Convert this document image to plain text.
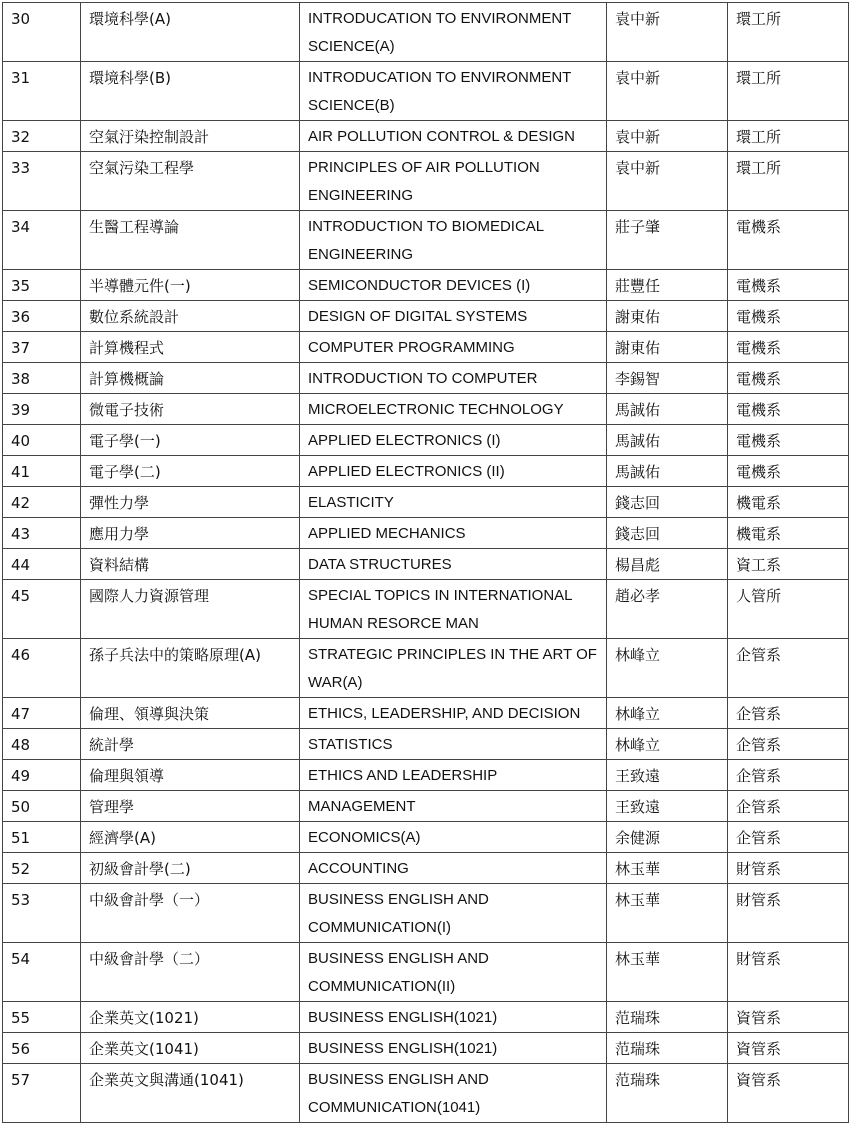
30	環境科學(A)	INTRODUCATION TO ENVIRONMENT SCIENCE(A)	袁中新	環工所
31	環境科學(B)	INTRODUCATION TO ENVIRONMENT SCIENCE(B)	袁中新	環工所
32	空氣汙染控制設計	AIR POLLUTION CONTROL & DESIGN	袁中新	環工所
33	空氣污染工程學	PRINCIPLES OF AIR POLLUTION ENGINEERING	袁中新	環工所
34	生醫工程導論	INTRODUCTION TO BIOMEDICAL ENGINEERING	莊子肇	電機系
35	半導體元件(一)	SEMICONDUCTOR DEVICES (I)	莊豐任	電機系
36	數位系統設計	DESIGN OF DIGITAL SYSTEMS	謝東佑	電機系
37	計算機程式	COMPUTER PROGRAMMING	謝東佑	電機系
38	計算機概論	INTRODUCTION TO COMPUTER	李錫智	電機系
39	微電子技術	MICROELECTRONIC TECHNOLOGY	馬誠佑	電機系
40	電子學(一)	APPLIED ELECTRONICS (I)	馬誠佑	電機系
41	電子學(二)	APPLIED ELECTRONICS (II)	馬誠佑	電機系
42	彈性力學	ELASTICITY	錢志回	機電系
43	應用力學	APPLIED MECHANICS	錢志回	機電系
44	資料結構	DATA STRUCTURES	楊昌彪	資工系
45	國際人力資源管理	SPECIAL TOPICS IN INTERNATIONAL HUMAN RESORCE MAN	趙必孝	人管所
46	孫子兵法中的策略原理(A)	STRATEGIC PRINCIPLES IN THE ART OF WAR(A)	林峰立	企管系
47	倫理、領導與決策	ETHICS, LEADERSHIP, AND DECISION	林峰立	企管系
48	統計學	STATISTICS	林峰立	企管系
49	倫理與領導	ETHICS AND LEADERSHIP	王致遠	企管系
50	管理學	MANAGEMENT	王致遠	企管系
51	經濟學(A)	ECONOMICS(A)	余健源	企管系
52	初級會計學(二)	ACCOUNTING	林玉華	財管系
53	中級會計學（一）	BUSINESS ENGLISH AND COMMUNICATION(I)	林玉華	財管系
54	中級會計學（二）	BUSINESS ENGLISH AND COMMUNICATION(II)	林玉華	財管系
55	企業英文(1021)	BUSINESS ENGLISH(1021)	范瑞珠	資管系
56	企業英文(1041)	BUSINESS ENGLISH(1021)	范瑞珠	資管系
57	企業英文與溝通(1041)	BUSINESS ENGLISH AND COMMUNICATION(1041)	范瑞珠	資管系
